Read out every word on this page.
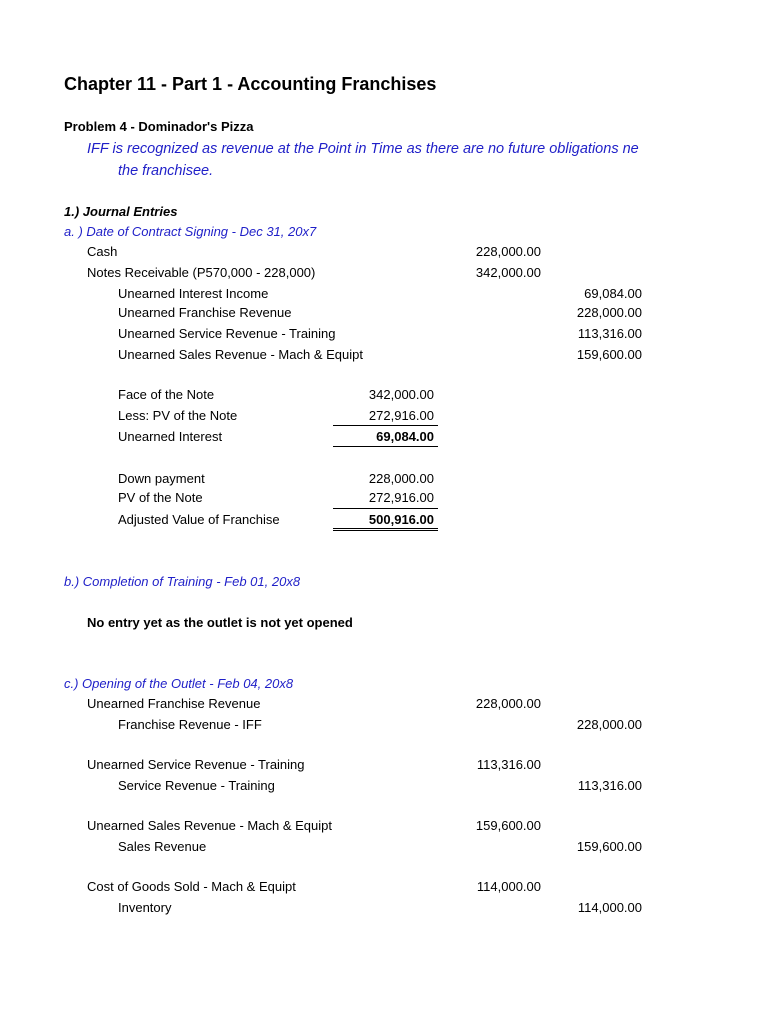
Chapter 11 - Part 1 - Accounting Franchises
Problem 4 - Dominador's Pizza
IFF is recognized as revenue at the Point in Time as there are no future obligations ne
the franchisee.
1.) Journal Entries
a. ) Date of Contract Signing - Dec 31, 20x7
Cash	228,000.00
Notes Receivable (P570,000 - 228,000)	342,000.00
Unearned Interest Income	69,084.00
Unearned Franchise Revenue	228,000.00
Unearned Service Revenue - Training	113,316.00
Unearned Sales Revenue - Mach & Equipt	159,600.00
Face of the Note	342,000.00
Less: PV of the Note	272,916.00
Unearned Interest	69,084.00
Down payment	228,000.00
PV of the Note	272,916.00
Adjusted Value of Franchise	500,916.00
b.) Completion of Training - Feb 01, 20x8
No entry yet as the outlet is not yet opened
c.) Opening of the Outlet - Feb 04, 20x8
Unearned Franchise Revenue	228,000.00
Franchise Revenue - IFF	228,000.00
Unearned Service Revenue - Training	113,316.00
Service Revenue - Training	113,316.00
Unearned Sales Revenue - Mach & Equipt	159,600.00
Sales Revenue	159,600.00
Cost of Goods Sold - Mach & Equipt	114,000.00
Inventory	114,000.00
